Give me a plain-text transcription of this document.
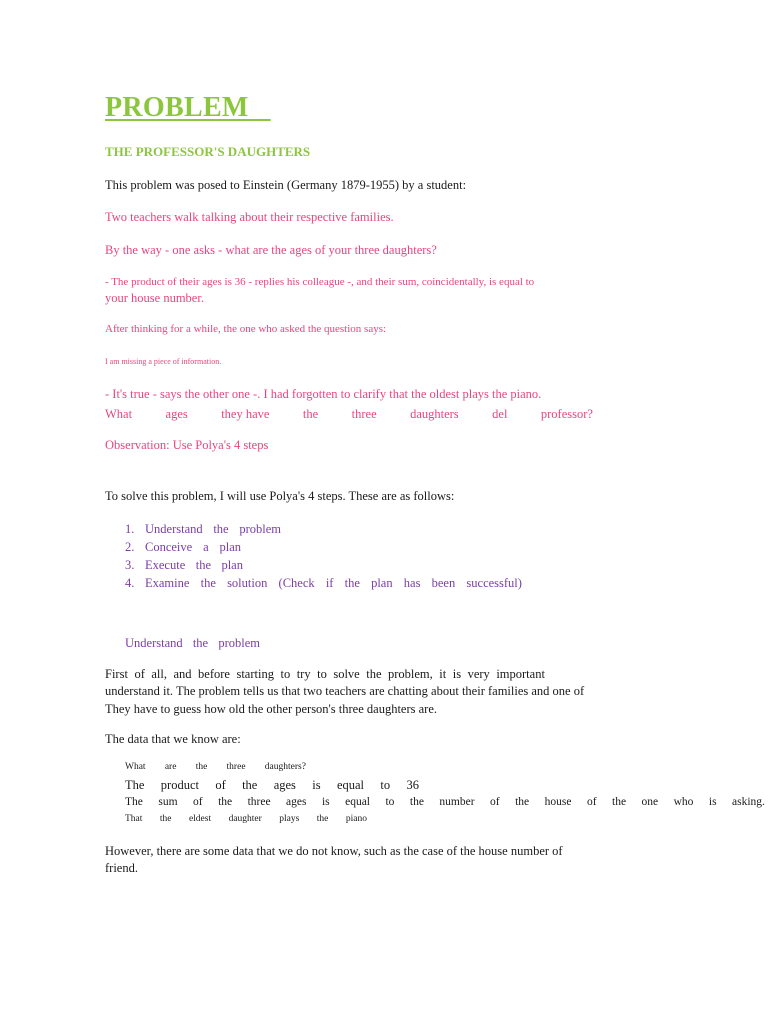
PROBLEM
THE PROFESSOR'S DAUGHTERS

This problem was posed to Einstein (Germany 1879-1955) by a student:

Two teachers walk talking about their respective families.

By the way - one asks - what are the ages of your three daughters?

- The product of their ages is 36 - replies his colleague -, and their sum, coincidentally, is equal to

your house number.

After thinking for a while, the one who asked the question says:

I am missing a piece of information.

- It's true - says the other one -. I had forgotten to clarify that the oldest plays the piano.

What	ages	they have	the	three	daughters	del	professor?

Observation: Use Polya's 4 steps

To solve this problem, I will use Polya's 4 steps. These are as follows:

1. Understand the problem
2. Conceive a plan
3. Execute the plan
4. Examine the solution (Check if the plan has been successful)
Understand the problem
First of all, and before starting to try to solve the problem, it is very important

understand it. The problem tells us that two teachers are chatting about their families and one of

They have to guess how old the other person's three daughters are.

The data that we know are:

What are the three daughters?
The product of the ages is equal to 36
The sum of the three ages is equal to the number of the house of the one who is asking.
That the eldest daughter plays the piano

However, there are some data that we do not know, such as the case of the house number of

friend.
